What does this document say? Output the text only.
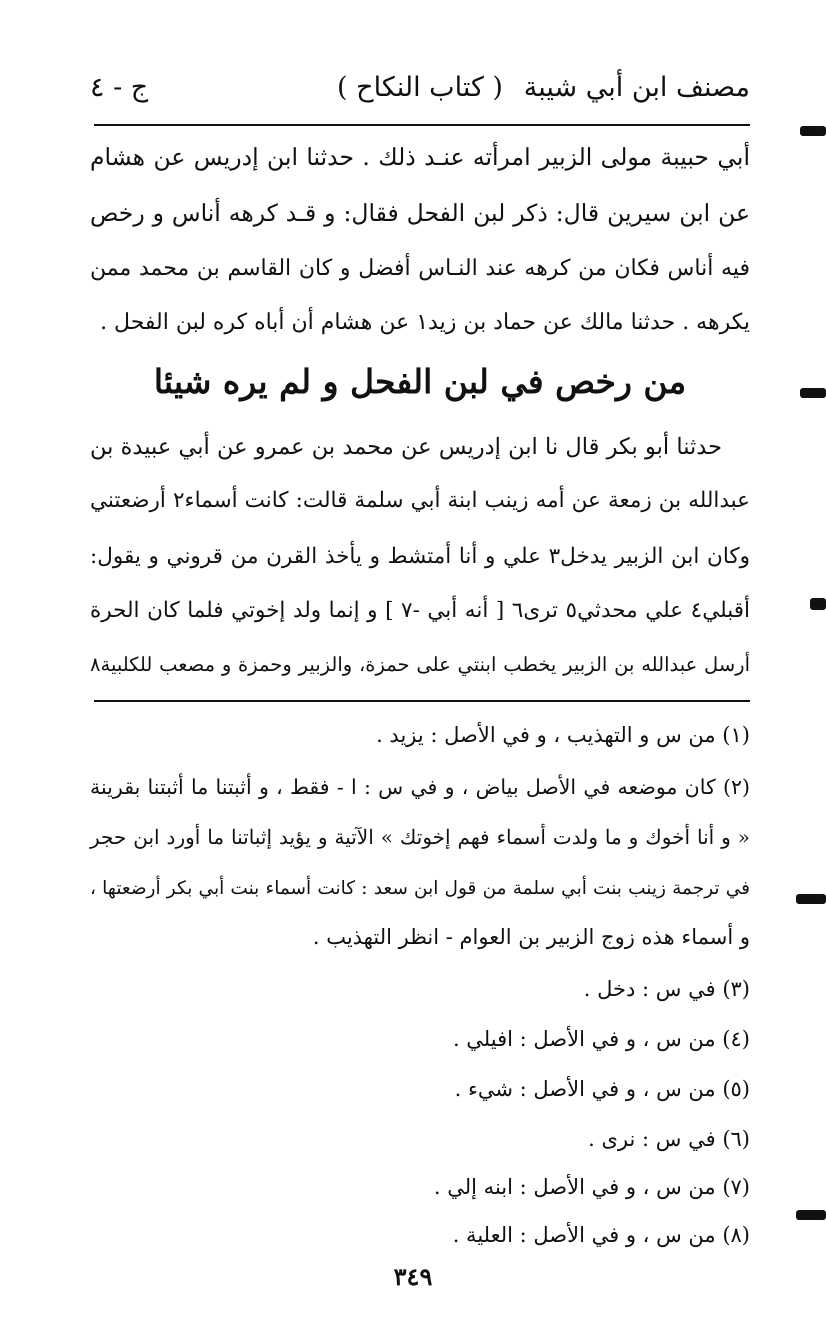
مصنف ابن أبي شيبة
( كتاب النكاح )
ج - ٤
أبي حبيبة مولى الزبير امرأته عنـد ذلك . حدثنا ابن إدريس عن هشام
عن ابن سيرين قال: ذكر لبن الفحل فقال: و قـد كرهه أناس و رخص
فيه أناس فكان من كرهه عند النـاس أفضل و كان القاسم بن محمد ممن
يكرهه . حدثنا مالك عن حماد بن زيد١ عن هشام أن أباه كره لبن الفحل .
من رخص في لبن الفحل و لم يره شيئا
حدثنا أبو بكر قال نا ابن إدريس عن محمد بن عمرو عن أبي عبيدة بن
عبدالله بن زمعة عن أمه زينب ابنة أبي سلمة قالت: كانت أسماء٢ أرضعتني
وكان ابن الزبير يدخل٣ علي و أنا أمتشط و يأخذ القرن من قروني و يقول:
أقبلي٤ علي محدثي٥ ترى٦ [ أنه أبي -٧ ] و إنما ولد إخوتي فلما كان الحرة
أرسل عبدالله بن الزبير يخطب ابنتي على حمزة، والزبير وحمزة و مصعب للكلبية٨
(١) من س و التهذيب ، و في الأصل : يزيد .
(٢) كان موضعه في الأصل بياض ، و في س : ا - فقط ، و أثبتنا ما أثبتنا بقرينة
« و أنا أخوك و ما ولدت أسماء فهم إخوتك » الآتية و يؤيد إثباتنا ما أورد ابن حجر
في ترجمة زينب بنت أبي سلمة من قول ابن سعد : كانت أسماء بنت أبي بكر أرضعتها ،
و أسماء هذه زوج الزبير بن العوام - انظر التهذيب .
(٣) في س : دخل .
(٤) من س ، و في الأصل : افيلي .
(٥) من س ، و في الأصل : شيء .
(٦) في س : نرى .
(٧) من س ، و في الأصل : ابنه إلي .
(٨) من س ، و في الأصل : العلية .
٣٤٩
